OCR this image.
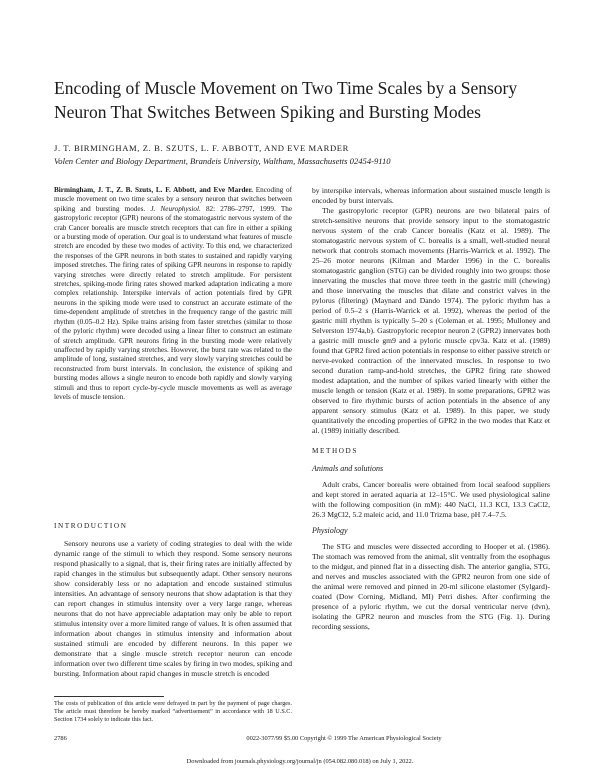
Encoding of Muscle Movement on Two Time Scales by a Sensory Neuron That Switches Between Spiking and Bursting Modes
J. T. BIRMINGHAM, Z. B. SZUTS, L. F. ABBOTT, AND EVE MARDER
Volen Center and Biology Department, Brandeis University, Waltham, Massachusetts 02454-9110

Birmingham, J. T., Z. B. Szuts, L. F. Abbott, and Eve Marder. Encoding of muscle movement on two time scales by a sensory neuron that switches between spiking and bursting modes. J. Neurophysiol. 82: 2786–2797, 1999. The gastropyloric receptor (GPR) neurons of the stomatogastric nervous system of the crab Cancer borealis are muscle stretch receptors that can fire in either a spiking or a bursting mode of operation. Our goal is to understand what features of muscle stretch are encoded by these two modes of activity. To this end, we characterized the responses of the GPR neurons in both states to sustained and rapidly varying imposed stretches. The firing rates of spiking GPR neurons in response to rapidly varying stretches were directly related to stretch amplitude. For persistent stretches, spiking-mode firing rates showed marked adaptation indicating a more complex relationship. Interspike intervals of action potentials fired by GPR neurons in the spiking mode were used to construct an accurate estimate of the time-dependent amplitude of stretches in the frequency range of the gastric mill rhythm (0.05–0.2 Hz). Spike trains arising from faster stretches (similar to those of the pyloric rhythm) were decoded using a linear filter to construct an estimate of stretch amplitude. GPR neurons firing in the bursting mode were relatively unaffected by rapidly varying stretches. However, the burst rate was related to the amplitude of long, sustained stretches, and very slowly varying stretches could be reconstructed from burst intervals. In conclusion, the existence of spiking and bursting modes allows a single neuron to encode both rapidly and slowly varying stimuli and thus to report cycle-by-cycle muscle movements as well as average levels of muscle tension.

INTRODUCTION

Sensory neurons use a variety of coding strategies to deal with the wide dynamic range of the stimuli to which they respond. Some sensory neurons respond phasically to a signal, that is, their firing rates are initially affected by rapid changes in the stimulus but subsequently adapt. Other sensory neurons show considerably less or no adaptation and encode sustained stimulus intensities. An advantage of sensory neurons that show adaptation is that they can report changes in stimulus intensity over a very large range, whereas neurons that do not have appreciable adaptation may only be able to report stimulus intensity over a more limited range of values. It is often assumed that information about changes in stimulus intensity and information about sustained stimuli are encoded by different neurons. In this paper we demonstrate that a single muscle stretch receptor neuron can encode information over two different time scales by firing in two modes, spiking and bursting. Information about rapid changes in muscle stretch is encoded

by interspike intervals, whereas information about sustained muscle length is encoded by burst intervals.

The gastropyloric receptor (GPR) neurons are two bilateral pairs of stretch-sensitive neurons that provide sensory input to the stomatogastric nervous system of the crab Cancer borealis (Katz et al. 1989). The stomatogastric nervous system of C. borealis is a small, well-studied neural network that controls stomach movements (Harris-Warrick et al. 1992). The 25–26 motor neurons (Kilman and Marder 1996) in the C. borealis stomatogastric ganglion (STG) can be divided roughly into two groups: those innervating the muscles that move three teeth in the gastric mill (chewing) and those innervating the muscles that dilate and constrict valves in the pylorus (filtering) (Maynard and Dando 1974). The pyloric rhythm has a period of 0.5–2 s (Harris-Warrick et al. 1992), whereas the period of the gastric mill rhythm is typically 5–20 s (Coleman et al. 1995; Mulloney and Selverston 1974a,b). Gastropyloric receptor neuron 2 (GPR2) innervates both a gastric mill muscle gm9 and a pyloric muscle cpv3a. Katz et al. (1989) found that GPR2 fired action potentials in response to either passive stretch or nerve-evoked contraction of the innervated muscles. In response to two second duration ramp-and-hold stretches, the GPR2 firing rate showed modest adaptation, and the number of spikes varied linearly with either the muscle length or tension (Katz et al. 1989). In some preparations, GPR2 was observed to fire rhythmic bursts of action potentials in the absence of any apparent sensory stimulus (Katz et al. 1989). In this paper, we study quantitatively the encoding properties of GPR2 in the two modes that Katz et al. (1989) initially described.

METHODS
Animals and solutions

Adult crabs, Cancer borealis were obtained from local seafood suppliers and kept stored in aerated aquaria at 12–15°C. We used physiological saline with the following composition (in mM): 440 NaCl, 11.3 KCl, 13.3 CaCl2, 26.3 MgCl2, 5.2 maleic acid, and 11.0 Trizma base, pH 7.4–7.5.

Physiology

The STG and muscles were dissected according to Hooper et al. (1986). The stomach was removed from the animal, slit ventrally from the esophagus to the midgut, and pinned flat in a dissecting dish. The anterior ganglia, STG, and nerves and muscles associated with the GPR2 neuron from one side of the animal were removed and pinned in 20-ml silicone elastomer (Sylgard)-coated (Dow Corning, Midland, MI) Petri dishes. After confirming the presence of a pyloric rhythm, we cut the dorsal ventricular nerve (dvn), isolating the GPR2 neuron and muscles from the STG (Fig. 1). During recording sessions,

The costs of publication of this article were defrayed in part by the payment of page charges. The article must therefore be hereby marked “advertisement” in accordance with 18 U.S.C. Section 1734 solely to indicate this fact.
2786	0022-3077/99 $5.00 Copyright © 1999 The American Physiological Society
Downloaded from journals.physiology.org/journal/jn (054.082.080.018) on July 1, 2022.
